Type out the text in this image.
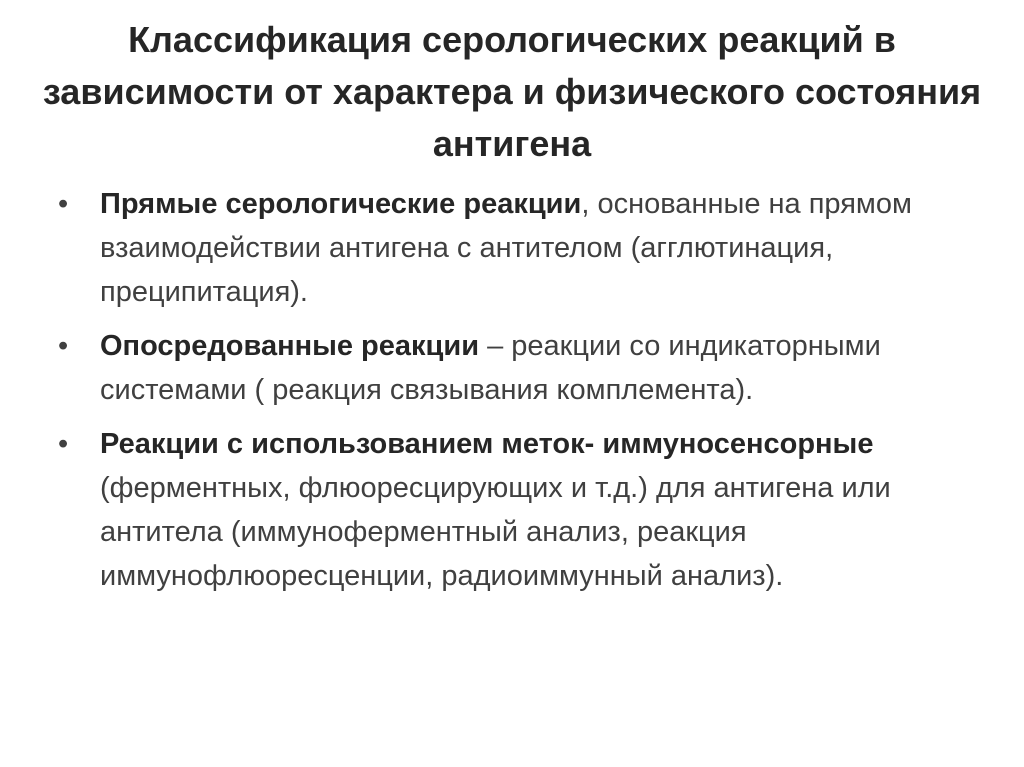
Классификация серологических реакций в зависимости от характера и физического состояния антигена
• Прямые серологические реакции, основанные на прямом взаимодействии антигена с антителом (агглютинация, преципитация).
• Опосредованные реакции – реакции со индикаторными системами ( реакция связывания комплемента).
• Реакции с использованием меток- иммуносенсорные (ферментных, флюоресцирующих и т.д.) для антигена или антитела (иммуноферментный анализ, реакция иммунофлюоресценции, радиоиммунный анализ).
